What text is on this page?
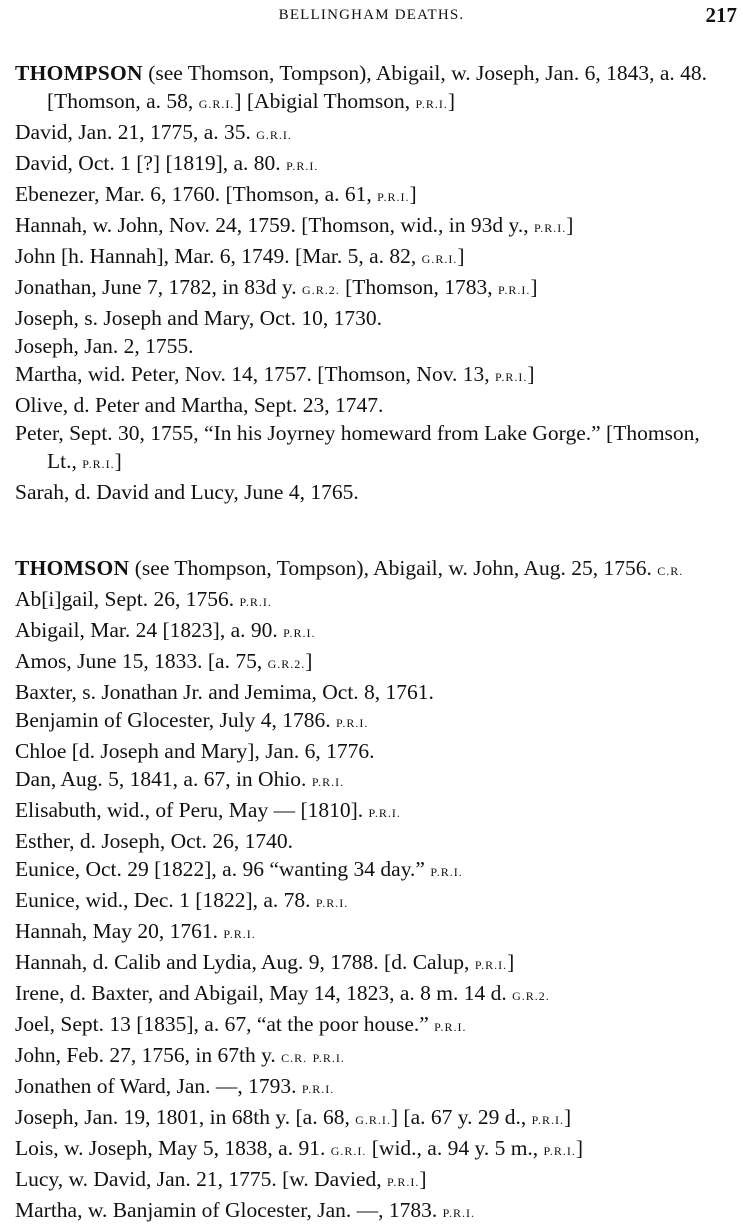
BELLINGHAM DEATHS.	217

THOMPSON (see Thomson, Tompson), Abigail, w. Joseph, Jan. 6, 1843, a. 48. [Thomson, a. 58, G.R.I.] [Abigial Thomson, P.R.I.]

David, Jan. 21, 1775, a. 35. G.R.I.

David, Oct. 1 [?] [1819], a. 80. P.R.I.

Ebenezer, Mar. 6, 1760. [Thomson, a. 61, P.R.I.]

Hannah, w. John, Nov. 24, 1759. [Thomson, wid., in 93d y., P.R.I.]

John [h. Hannah], Mar. 6, 1749. [Mar. 5, a. 82, G.R.I.]

Jonathan, June 7, 1782, in 83d y. G.R.2. [Thomson, 1783, P.R.I.]

Joseph, s. Joseph and Mary, Oct. 10, 1730.

Joseph, Jan. 2, 1755.

Martha, wid. Peter, Nov. 14, 1757. [Thomson, Nov. 13, P.R.I.]

Olive, d. Peter and Martha, Sept. 23, 1747.

Peter, Sept. 30, 1755, “In his Joyrney homeward from Lake Gorge.” [Thomson, Lt., P.R.I.]

Sarah, d. David and Lucy, June 4, 1765.

THOMSON (see Thompson, Tompson), Abigail, w. John, Aug. 25, 1756. C.R.

Ab[i]gail, Sept. 26, 1756. P.R.I.

Abigail, Mar. 24 [1823], a. 90. P.R.I.

Amos, June 15, 1833. [a. 75, G.R.2.]

Baxter, s. Jonathan Jr. and Jemima, Oct. 8, 1761.

Benjamin of Glocester, July 4, 1786. P.R.I.

Chloe [d. Joseph and Mary], Jan. 6, 1776.

Dan, Aug. 5, 1841, a. 67, in Ohio. P.R.I.

Elisabuth, wid., of Peru, May — [1810]. P.R.I.

Esther, d. Joseph, Oct. 26, 1740.

Eunice, Oct. 29 [1822], a. 96 “wanting 34 day.” P.R.I.

Eunice, wid., Dec. 1 [1822], a. 78. P.R.I.

Hannah, May 20, 1761. P.R.I.

Hannah, d. Calib and Lydia, Aug. 9, 1788. [d. Calup, P.R.I.]

Irene, d. Baxter, and Abigail, May 14, 1823, a. 8 m. 14 d. G.R.2.

Joel, Sept. 13 [1835], a. 67, “at the poor house.” P.R.I.

John, Feb. 27, 1756, in 67th y. C.R. P.R.I.

Jonathen of Ward, Jan. —, 1793. P.R.I.

Joseph, Jan. 19, 1801, in 68th y. [a. 68, G.R.I.] [a. 67 y. 29 d., P.R.I.]

Lois, w. Joseph, May 5, 1838, a. 91. G.R.I. [wid., a. 94 y. 5 m., P.R.I.]

Lucy, w. David, Jan. 21, 1775. [w. Davied, P.R.I.]

Martha, w. Banjamin of Glocester, Jan. —, 1783. P.R.I.
